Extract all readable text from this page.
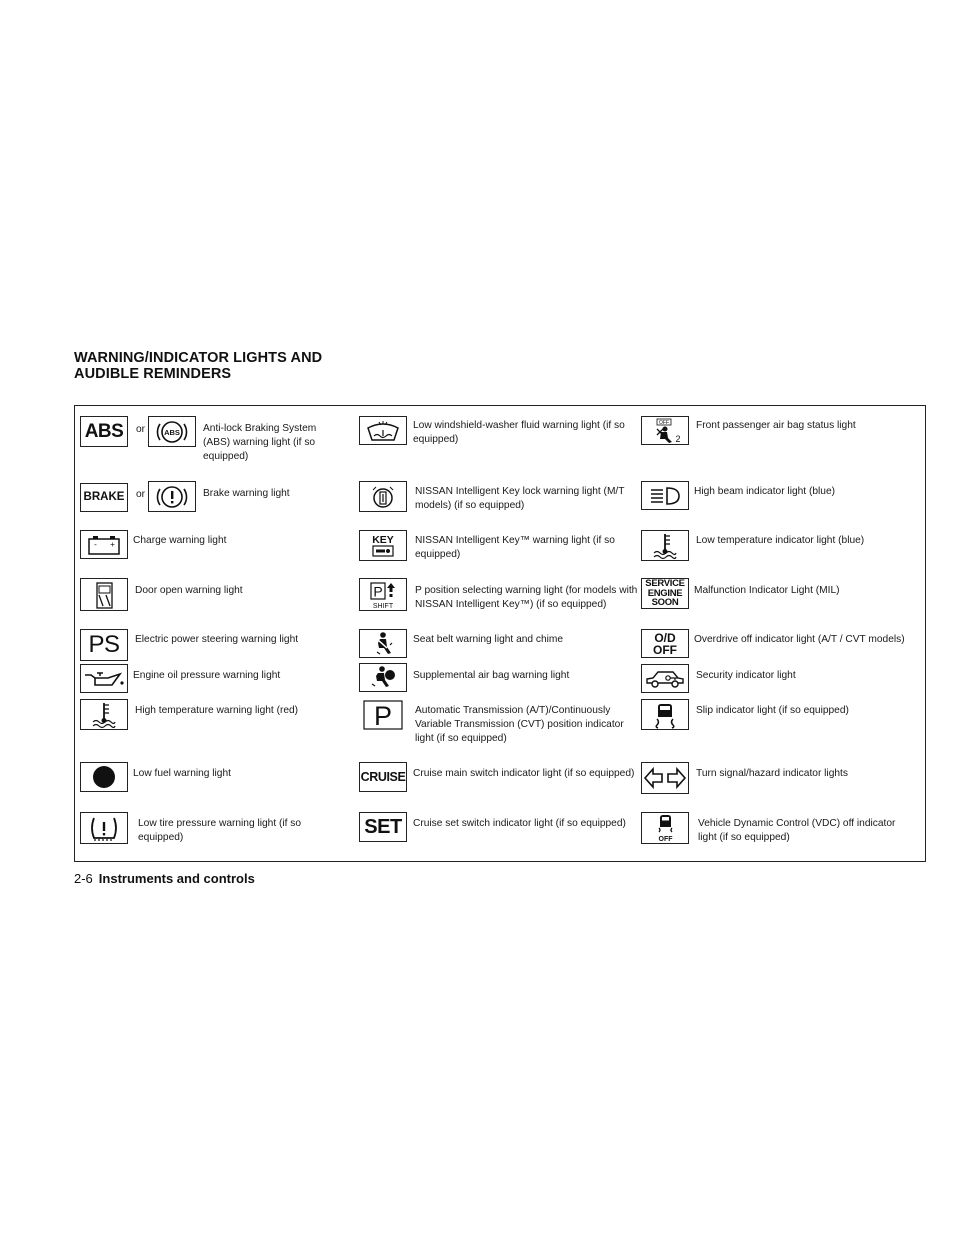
WARNING/INDICATOR LIGHTS AND
AUDIBLE REMINDERS
ABS or	ABS Anti-lock Braking System (ABS) warning light (if so equipped)
BRAKE or	Brake warning light
- + Charge warning light
Door open warning light
PS Electric power steering warning light
Engine oil pressure warning light
High temperature warning light (red)
Low fuel warning light
Low tire pressure warning light (if so equipped)
Low windshield-washer fluid warning light (if so equipped)
NISSAN Intelligent Key lock warning light (M/T models) (if so equipped)
KEY NISSAN Intelligent Key™ warning light (if so equipped)
P
SHIFT
P position selecting warning light (for models with NISSAN Intelligent Key™) (if so equipped)
Seat belt warning light and chime
Supplemental air bag warning light
P Automatic Transmission (A/T)/Continuously Variable Transmission (CVT) position indicator light (if so equipped)
CRUISE Cruise main switch indicator light (if so equipped)
SET Cruise set switch indicator light (if so equipped)
OFF
2
Front passenger air bag status light
High beam indicator light (blue)
Low temperature indicator light (blue)
SERVICE
ENGINE
SOON
Malfunction Indicator Light (MIL)
O/D
OFF
Overdrive off indicator light (A/T / CVT models)
Security indicator light
Slip indicator light (if so equipped)
Turn signal/hazard indicator lights
OFF
Vehicle Dynamic Control (VDC) off indicator light (if so equipped)
2-6 Instruments and controls
